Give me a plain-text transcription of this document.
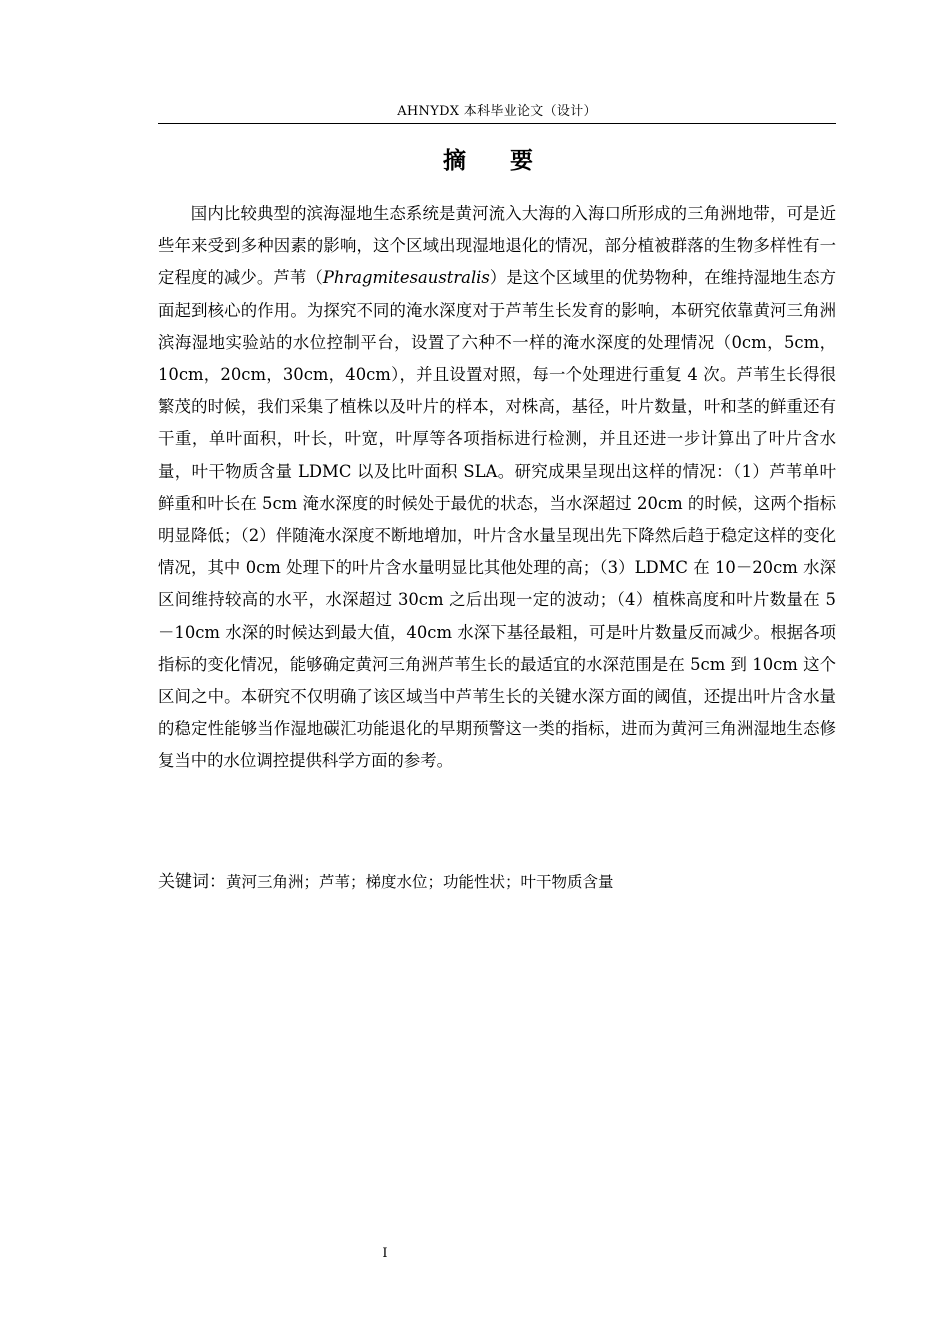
AHNYDX 本科毕业论文（设计）
摘 要

国内比较典型的滨海湿地生态系统是黄河流入大海的入海口所形成的三角洲地带，可是近些年来受到多种因素的影响，这个区域出现湿地退化的情况，部分植被群落的生物多样性有一定程度的减少。芦苇（Phragmitesaustralis）是这个区域里的优势物种，在维持湿地生态方面起到核心的作用。为探究不同的淹水深度对于芦苇生长发育的影响，本研究依靠黄河三角洲滨海湿地实验站的水位控制平台，设置了六种不一样的淹水深度的处理情况（0cm，5cm，10cm，20cm，30cm，40cm），并且设置对照，每一个处理进行重复 4 次。芦苇生长得很繁茂的时候，我们采集了植株以及叶片的样本，对株高，基径，叶片数量，叶和茎的鲜重还有干重，单叶面积，叶长，叶宽，叶厚等各项指标进行检测，并且还进一步计算出了叶片含水量，叶干物质含量 LDMC 以及比叶面积 SLA。研究成果呈现出这样的情况：（1）芦苇单叶鲜重和叶长在 5cm 淹水深度的时候处于最优的状态，当水深超过 20cm 的时候，这两个指标明显降低；（2）伴随淹水深度不断地增加，叶片含水量呈现出先下降然后趋于稳定这样的变化情况，其中 0cm 处理下的叶片含水量明显比其他处理的高；（3）LDMC 在 10－20cm 水深区间维持较高的水平，水深超过 30cm 之后出现一定的波动；（4）植株高度和叶片数量在 5－10cm 水深的时候达到最大值，40cm 水深下基径最粗，可是叶片数量反而减少。根据各项指标的变化情况，能够确定黄河三角洲芦苇生长的最适宜的水深范围是在 5cm 到 10cm 这个区间之中。本研究不仅明确了该区域当中芦苇生长的关键水深方面的阈值，还提出叶片含水量的稳定性能够当作湿地碳汇功能退化的早期预警这一类的指标，进而为黄河三角洲湿地生态修复当中的水位调控提供科学方面的参考。

关键词：黄河三角洲；芦苇；梯度水位；功能性状；叶干物质含量
I
